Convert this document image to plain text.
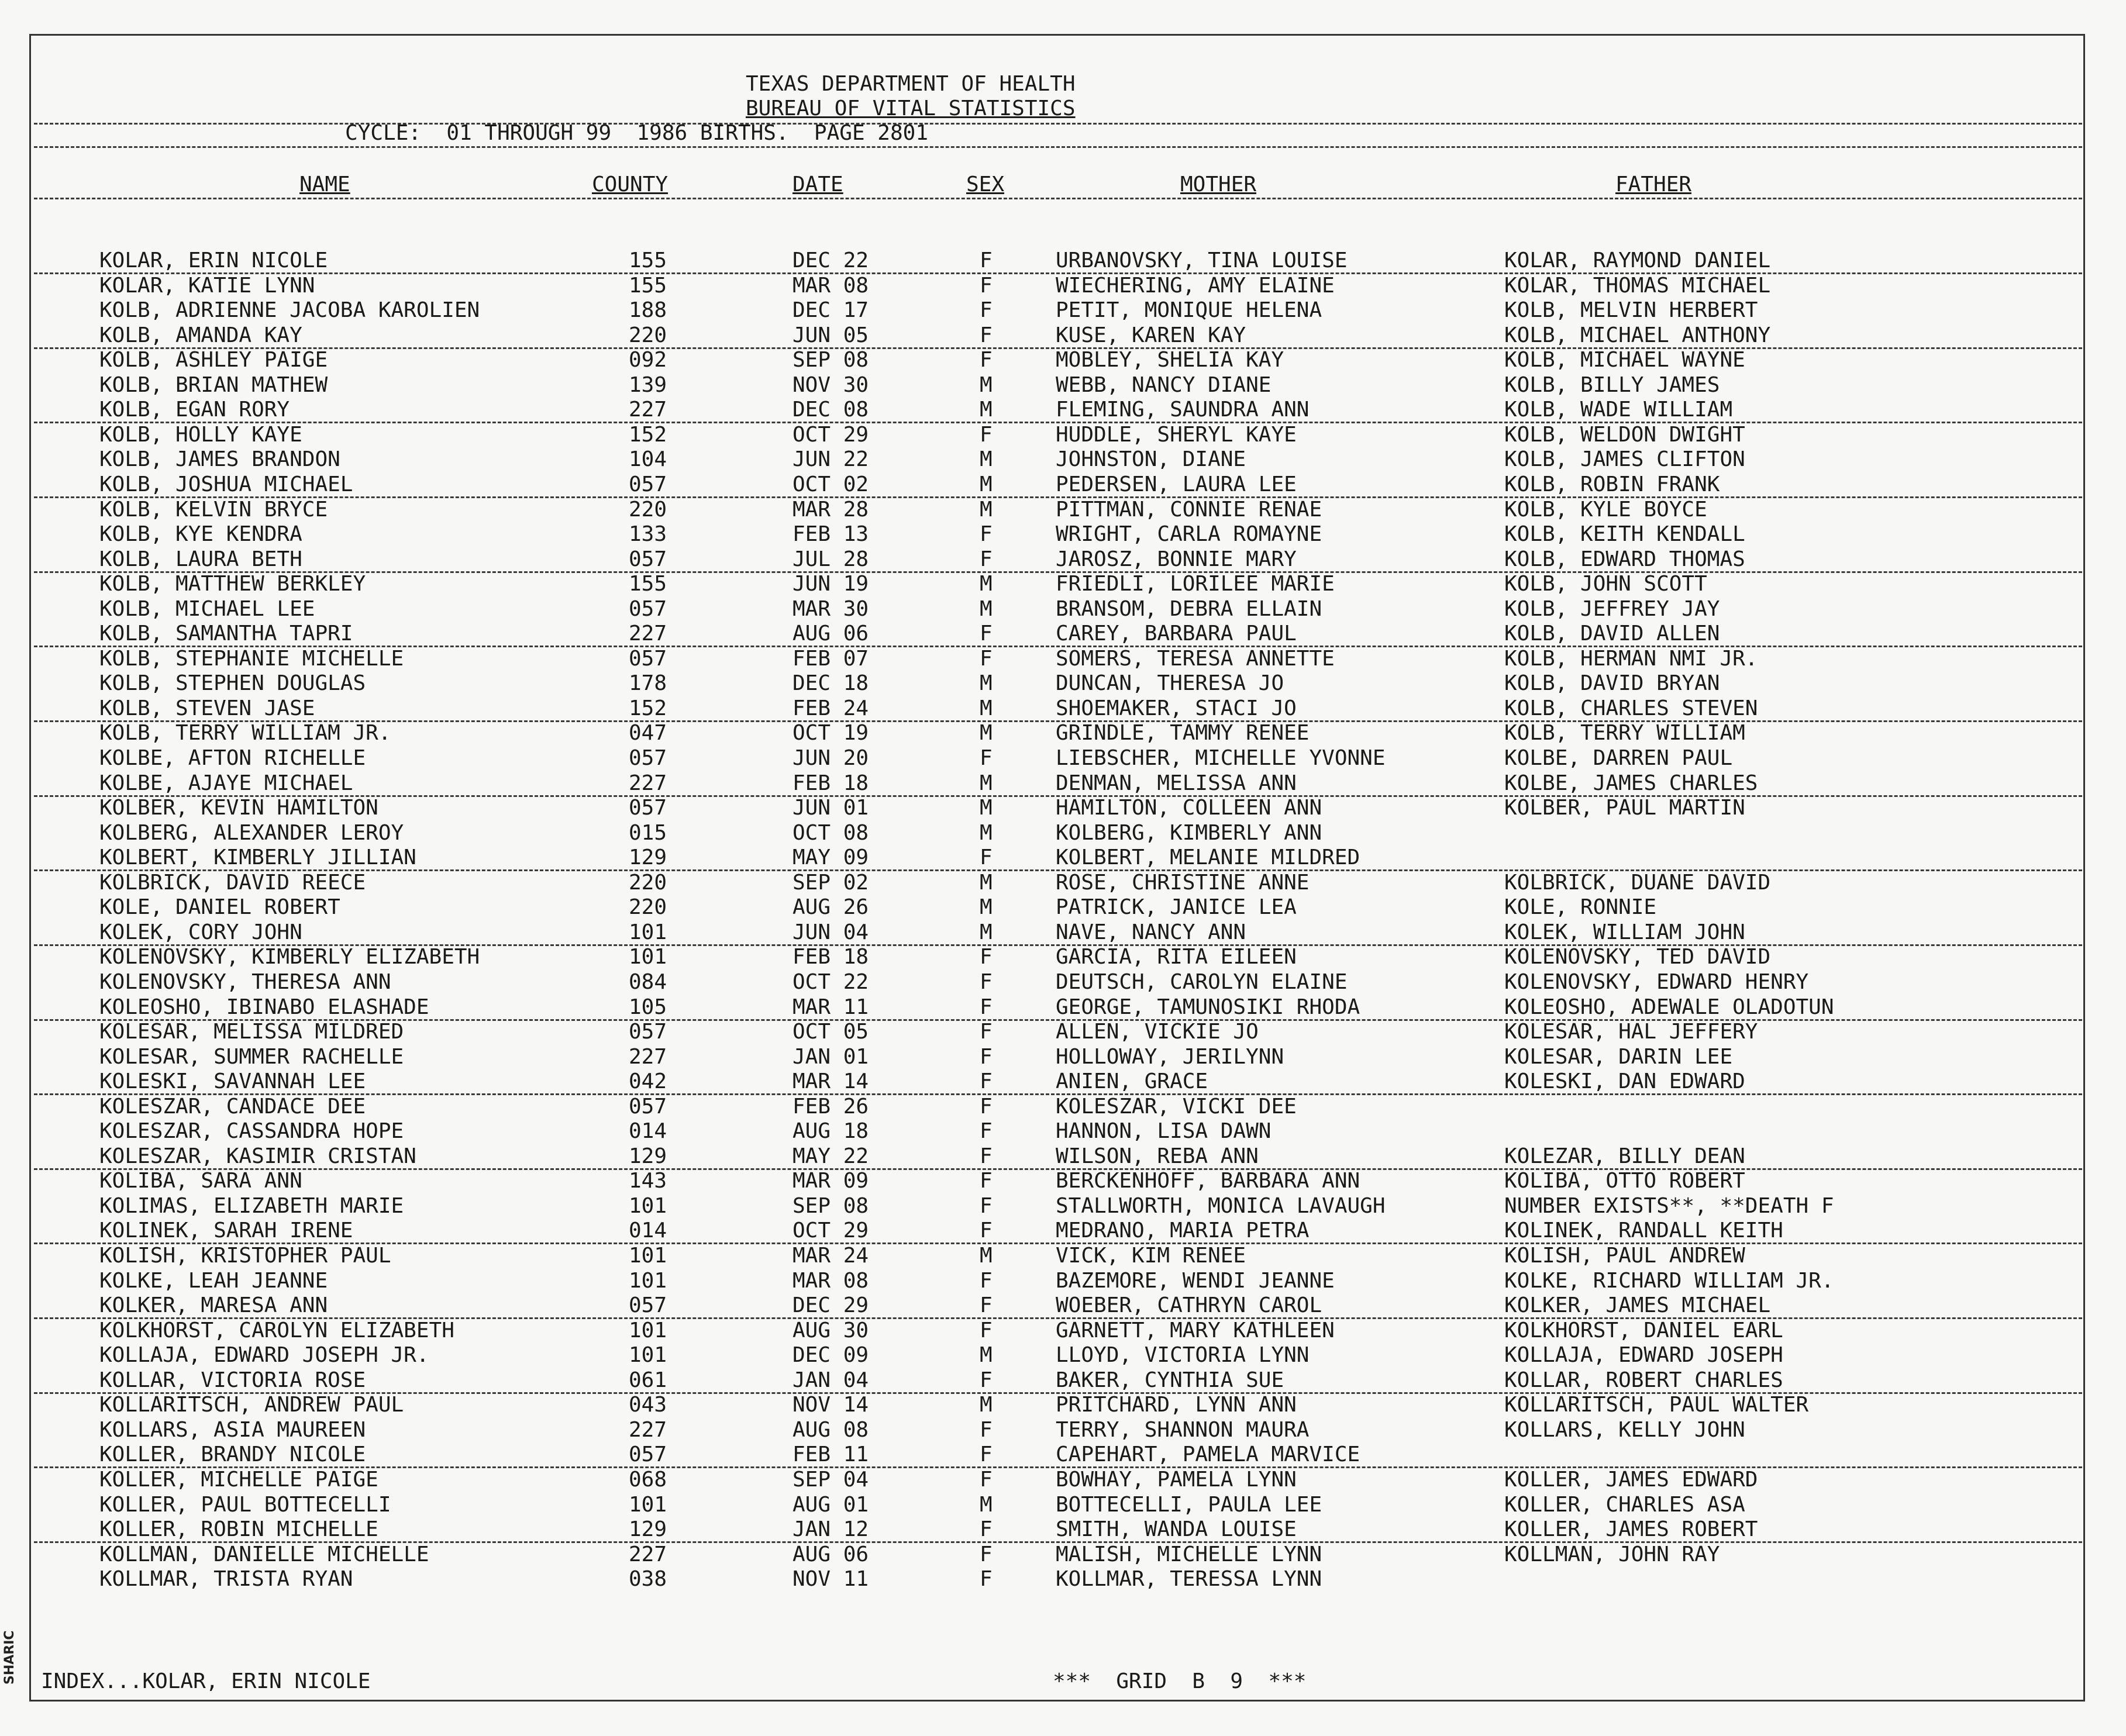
SHARIC
TEXAS DEPARTMENT OF HEALTH
BUREAU OF VITAL STATISTICS
CYCLE:  01 THROUGH 99  1986 BIRTHS.  PAGE 2801
NAME	COUNTY	DATE	SEX	MOTHER	FATHER
KOLAR, ERIN NICOLE	155	DEC 22	F	URBANOVSKY, TINA LOUISE	KOLAR, RAYMOND DANIEL
KOLAR, KATIE LYNN	155	MAR 08	F	WIECHERING, AMY ELAINE	KOLAR, THOMAS MICHAEL
KOLB, ADRIENNE JACOBA KAROLIEN	188	DEC 17	F	PETIT, MONIQUE HELENA	KOLB, MELVIN HERBERT
KOLB, AMANDA KAY	220	JUN 05	F	KUSE, KAREN KAY	KOLB, MICHAEL ANTHONY
KOLB, ASHLEY PAIGE	092	SEP 08	F	MOBLEY, SHELIA KAY	KOLB, MICHAEL WAYNE
KOLB, BRIAN MATHEW	139	NOV 30	M	WEBB, NANCY DIANE	KOLB, BILLY JAMES
KOLB, EGAN RORY	227	DEC 08	M	FLEMING, SAUNDRA ANN	KOLB, WADE WILLIAM
KOLB, HOLLY KAYE	152	OCT 29	F	HUDDLE, SHERYL KAYE	KOLB, WELDON DWIGHT
KOLB, JAMES BRANDON	104	JUN 22	M	JOHNSTON, DIANE	KOLB, JAMES CLIFTON
KOLB, JOSHUA MICHAEL	057	OCT 02	M	PEDERSEN, LAURA LEE	KOLB, ROBIN FRANK
KOLB, KELVIN BRYCE	220	MAR 28	M	PITTMAN, CONNIE RENAE	KOLB, KYLE BOYCE
KOLB, KYE KENDRA	133	FEB 13	F	WRIGHT, CARLA ROMAYNE	KOLB, KEITH KENDALL
KOLB, LAURA BETH	057	JUL 28	F	JAROSZ, BONNIE MARY	KOLB, EDWARD THOMAS
KOLB, MATTHEW BERKLEY	155	JUN 19	M	FRIEDLI, LORILEE MARIE	KOLB, JOHN SCOTT
KOLB, MICHAEL LEE	057	MAR 30	M	BRANSOM, DEBRA ELLAIN	KOLB, JEFFREY JAY
KOLB, SAMANTHA TAPRI	227	AUG 06	F	CAREY, BARBARA PAUL	KOLB, DAVID ALLEN
KOLB, STEPHANIE MICHELLE	057	FEB 07	F	SOMERS, TERESA ANNETTE	KOLB, HERMAN NMI JR.
KOLB, STEPHEN DOUGLAS	178	DEC 18	M	DUNCAN, THERESA JO	KOLB, DAVID BRYAN
KOLB, STEVEN JASE	152	FEB 24	M	SHOEMAKER, STACI JO	KOLB, CHARLES STEVEN
KOLB, TERRY WILLIAM JR.	047	OCT 19	M	GRINDLE, TAMMY RENEE	KOLB, TERRY WILLIAM
KOLBE, AFTON RICHELLE	057	JUN 20	F	LIEBSCHER, MICHELLE YVONNE	KOLBE, DARREN PAUL
KOLBE, AJAYE MICHAEL	227	FEB 18	M	DENMAN, MELISSA ANN	KOLBE, JAMES CHARLES
KOLBER, KEVIN HAMILTON	057	JUN 01	M	HAMILTON, COLLEEN ANN	KOLBER, PAUL MARTIN
KOLBERG, ALEXANDER LEROY	015	OCT 08	M	KOLBERG, KIMBERLY ANN
KOLBERT, KIMBERLY JILLIAN	129	MAY 09	F	KOLBERT, MELANIE MILDRED
KOLBRICK, DAVID REECE	220	SEP 02	M	ROSE, CHRISTINE ANNE	KOLBRICK, DUANE DAVID
KOLE, DANIEL ROBERT	220	AUG 26	M	PATRICK, JANICE LEA	KOLE, RONNIE
KOLEK, CORY JOHN	101	JUN 04	M	NAVE, NANCY ANN	KOLEK, WILLIAM JOHN
KOLENOVSKY, KIMBERLY ELIZABETH	101	FEB 18	F	GARCIA, RITA EILEEN	KOLENOVSKY, TED DAVID
KOLENOVSKY, THERESA ANN	084	OCT 22	F	DEUTSCH, CAROLYN ELAINE	KOLENOVSKY, EDWARD HENRY
KOLEOSHO, IBINABO ELASHADE	105	MAR 11	F	GEORGE, TAMUNOSIKI RHODA	KOLEOSHO, ADEWALE OLADOTUN
KOLESAR, MELISSA MILDRED	057	OCT 05	F	ALLEN, VICKIE JO	KOLESAR, HAL JEFFERY
KOLESAR, SUMMER RACHELLE	227	JAN 01	F	HOLLOWAY, JERILYNN	KOLESAR, DARIN LEE
KOLESKI, SAVANNAH LEE	042	MAR 14	F	ANIEN, GRACE	KOLESKI, DAN EDWARD
KOLESZAR, CANDACE DEE	057	FEB 26	F	KOLESZAR, VICKI DEE
KOLESZAR, CASSANDRA HOPE	014	AUG 18	F	HANNON, LISA DAWN
KOLESZAR, KASIMIR CRISTAN	129	MAY 22	F	WILSON, REBA ANN	KOLEZAR, BILLY DEAN
KOLIBA, SARA ANN	143	MAR 09	F	BERCKENHOFF, BARBARA ANN	KOLIBA, OTTO ROBERT
KOLIMAS, ELIZABETH MARIE	101	SEP 08	F	STALLWORTH, MONICA LAVAUGH	NUMBER EXISTS**, **DEATH F
KOLINEK, SARAH IRENE	014	OCT 29	F	MEDRANO, MARIA PETRA	KOLINEK, RANDALL KEITH
KOLISH, KRISTOPHER PAUL	101	MAR 24	M	VICK, KIM RENEE	KOLISH, PAUL ANDREW
KOLKE, LEAH JEANNE	101	MAR 08	F	BAZEMORE, WENDI JEANNE	KOLKE, RICHARD WILLIAM JR.
KOLKER, MARESA ANN	057	DEC 29	F	WOEBER, CATHRYN CAROL	KOLKER, JAMES MICHAEL
KOLKHORST, CAROLYN ELIZABETH	101	AUG 30	F	GARNETT, MARY KATHLEEN	KOLKHORST, DANIEL EARL
KOLLAJA, EDWARD JOSEPH JR.	101	DEC 09	M	LLOYD, VICTORIA LYNN	KOLLAJA, EDWARD JOSEPH
KOLLAR, VICTORIA ROSE	061	JAN 04	F	BAKER, CYNTHIA SUE	KOLLAR, ROBERT CHARLES
KOLLARITSCH, ANDREW PAUL	043	NOV 14	M	PRITCHARD, LYNN ANN	KOLLARITSCH, PAUL WALTER
KOLLARS, ASIA MAUREEN	227	AUG 08	F	TERRY, SHANNON MAURA	KOLLARS, KELLY JOHN
KOLLER, BRANDY NICOLE	057	FEB 11	F	CAPEHART, PAMELA MARVICE
KOLLER, MICHELLE PAIGE	068	SEP 04	F	BOWHAY, PAMELA LYNN	KOLLER, JAMES EDWARD
KOLLER, PAUL BOTTECELLI	101	AUG 01	M	BOTTECELLI, PAULA LEE	KOLLER, CHARLES ASA
KOLLER, ROBIN MICHELLE	129	JAN 12	F	SMITH, WANDA LOUISE	KOLLER, JAMES ROBERT
KOLLMAN, DANIELLE MICHELLE	227	AUG 06	F	MALISH, MICHELLE LYNN	KOLLMAN, JOHN RAY
KOLLMAR, TRISTA RYAN	038	NOV 11	F	KOLLMAR, TERESSA LYNN
INDEX...KOLAR, ERIN NICOLE	***  GRID  B  9  ***
